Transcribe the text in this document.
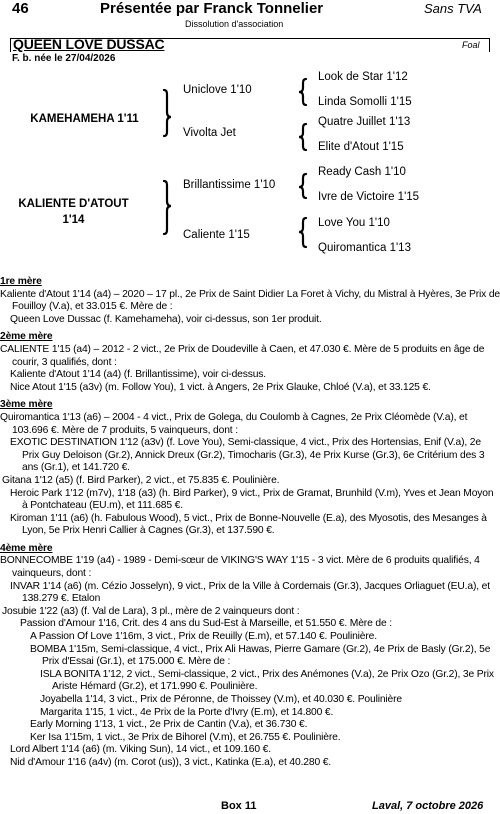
46	Présentée par Franck Tonnelier	Sans TVA
Dissolution d'association
QUEEN LOVE DUSSAC	Foal
F. b. née le 27/04/2026
KAMEHAMEHA 1'11
KALIENTE D'ATOUT 1'14
Uniclove 1'10
Vivolta Jet
Brillantissime 1'10
Caliente 1'15
Look de Star 1'12
Linda Somolli 1'15
Quatre Juillet 1'13
Elite d'Atout 1'15
Ready Cash 1'10
Ivre de Victoire 1'15
Love You 1'10
Quiromantica 1'13

1re mère

Kaliente d'Atout 1'14 (a4) – 2020 – 17 pl., 2e Prix de Saint Didier La Foret à Vichy, du Mistral à Hyères, 3e Prix de Fouilloy (V.a), et 33.015 €. Mère de :

Queen Love Dussac (f. Kamehameha), voir ci-dessus, son 1er produit.

2ème mère

CALIENTE 1'15 (a4) – 2012 - 2 vict., 2e Prix de Doudeville à Caen, et 47.030 €. Mère de 5 produits en âge de courir, 3 qualifiés, dont :

Kaliente d'Atout 1'14 (a4) (f. Brillantissime), voir ci-dessus.

Nice Atout 1'15 (a3v) (m. Follow You), 1 vict. à Angers, 2e Prix Glauke, Chloé (V.a), et 33.125 €.

3ème mère

Quiromantica 1'13 (a6) – 2004 - 4 vict., Prix de Golega, du Coulomb à Cagnes, 2e Prix Cléomède (V.a), et 103.696 €. Mère de 7 produits, 5 vainqueurs, dont :

EXOTIC DESTINATION 1'12 (a3v) (f. Love You), Semi-classique, 4 vict., Prix des Hortensias, Enif (V.a), 2e Prix Guy Deloison (Gr.2), Annick Dreux (Gr.2), Timocharis (Gr.3), 4e Prix Kurse (Gr.3), 6e Critérium des 3 ans (Gr.1), et 141.720 €.

Gitana 1'12 (a5) (f. Bird Parker), 2 vict., et 75.835 €. Poulinière.

Heroic Park 1'12 (m7v), 1'18 (a3) (h. Bird Parker), 9 vict., Prix de Gramat, Brunhild (V.m), Yves et Jean Moyon à Pontchateau (EU.m), et 111.685 €.

Kiroman 1'11 (a6) (h. Fabulous Wood), 5 vict., Prix de Bonne-Nouvelle (E.a), des Myosotis, des Mesanges à Lyon, 5e Prix Henri Callier à Cagnes (Gr.3), et 137.590 €.

4ème mère

BONNECOMBE 1'19 (a4) - 1989 - Demi-sœur de VIKING'S WAY 1'15 - 3 vict. Mère de 6 produits qualifiés, 4 vainqueurs, dont :

INVAR 1'14 (a6) (m. Cézio Josselyn), 9 vict., Prix de la Ville à Cordemais (Gr.3), Jacques Orliaguet (EU.a), et 138.279 €. Etalon

Josubie 1'22 (a3) (f. Val de Lara), 3 pl., mère de 2 vainqueurs dont :

Passion d'Amour 1'16, Crit. des 4 ans du Sud-Est à Marseille, et 51.550 €. Mère de :

A Passion Of Love 1'16m, 3 vict., Prix de Reuilly (E.m), et 57.140 €. Poulinière.

BOMBA 1'15m, Semi-classique, 4 vict., Prix Ali Hawas, Pierre Gamare (Gr.2), 4e Prix de Basly (Gr.2), 5e Prix d'Essai (Gr.1), et 175.000 €. Mère de :

ISLA BONITA 1'12, 2 vict., Semi-classique, 2 vict., Prix des Anémones (V.a), 2e Prix Ozo (Gr.2), 3e Prix Ariste Hémard (Gr.2), et 171.990 €. Poulinière.

Joyabella 1'14, 3 vict., Prix de Péronne, de Thoissey (V.m), et 40.030 €. Poulinière

Margarita 1'15, 1 vict., 4e Prix de la Porte d'Ivry (E.m), et 14.800 €.

Early Morning 1'13, 1 vict., 2e Prix de Cantin (V.a), et 36.730 €.

Ker Isa 1'15m, 1 vict., 3e Prix de Bihorel (V.m), et 26.755 €. Poulinière.

Lord Albert 1'14 (a6) (m. Viking Sun), 14 vict., et 109.160 €.

Nid d'Amour 1'16 (a4v) (m. Corot (us)), 3 vict., Katinka (E.a), et 40.280 €.

Box 11	Laval, 7 octobre 2026
